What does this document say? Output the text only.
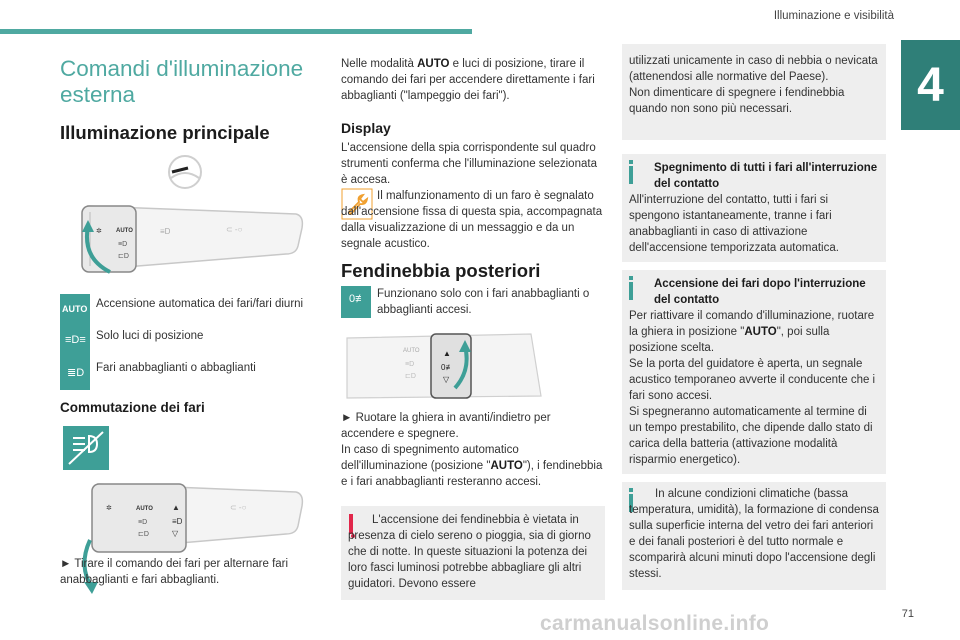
Illuminazione e visibilità
4
Comandi d'illuminazione esterna
Illuminazione principale
✲ AUTO
≡D
⊏D
≡D	⊂ -○
AUTO Accensione automatica dei fari/fari diurni
≡D≡ Solo luci di posizione
≣D Fari anabbaglianti o abbaglianti
Commutazione dei fari
✲	AUTO
≡D
⊏D
▲
≡D
▽
⊂ -○

► Tirare il comando dei fari per alternare fari anabbaglianti e fari abbaglianti.

Nelle modalità AUTO e luci di posizione, tirare il comando dei fari per accendere direttamente i fari abbaglianti ("lampeggio dei fari").

Display

L'accensione della spia corrispondente sul quadro strumenti conferma che l'illuminazione selezionata è accesa.

Il malfunzionamento di un faro è segnalato dall'accensione fissa di questa spia, accompagnata dalla visualizzazione di un messaggio e da un segnale acustico.

Fendinebbia posteriori
0≢ Funzionano solo con i fari anabbaglianti o abbaglianti accesi.

AUTO
≡D
⊏D
▲
0≢
▽

► Ruotare la ghiera in avanti/indietro per accendere e spegnere.

In caso di spegnimento automatico dell'illuminazione (posizione "AUTO"), i fendinebbia e i fari anabbaglianti resteranno accesi.

L'accensione dei fendinebbia è vietata in presenza di cielo sereno o pioggia, sia di giorno che di notte. In queste situazioni la potenza dei loro fasci luminosi potrebbe abbagliare gli altri guidatori. Devono essere

utilizzati unicamente in caso di nebbia o nevicata (attenendosi alle normative del Paese).
Non dimenticare di spegnere i fendinebbia quando non sono più necessari.

Spegnimento di tutti i fari all'interruzione del contatto

All'interruzione del contatto, tutti i fari si spengono istantaneamente, tranne i fari anabbaglianti in caso di attivazione dell'accensione temporizzata automatica.

Accensione dei fari dopo l'interruzione del contatto

Per riattivare il comando d'illuminazione, ruotare la ghiera in posizione "AUTO", poi sulla posizione scelta.
Se la porta del guidatore è aperta, un segnale acustico temporaneo avverte il conducente che i fari sono accesi.
Si spegneranno automaticamente al termine di un tempo prestabilito, che dipende dallo stato di carica della batteria (attivazione modalità risparmio energetico).

In alcune condizioni climatiche (bassa temperatura, umidità), la formazione di condensa sulla superficie interna del vetro dei fari anteriori e dei fanali posteriori è del tutto normale e scomparirà alcuni minuti dopo l'accensione degli stessi.

71
carmanualsonline.info
